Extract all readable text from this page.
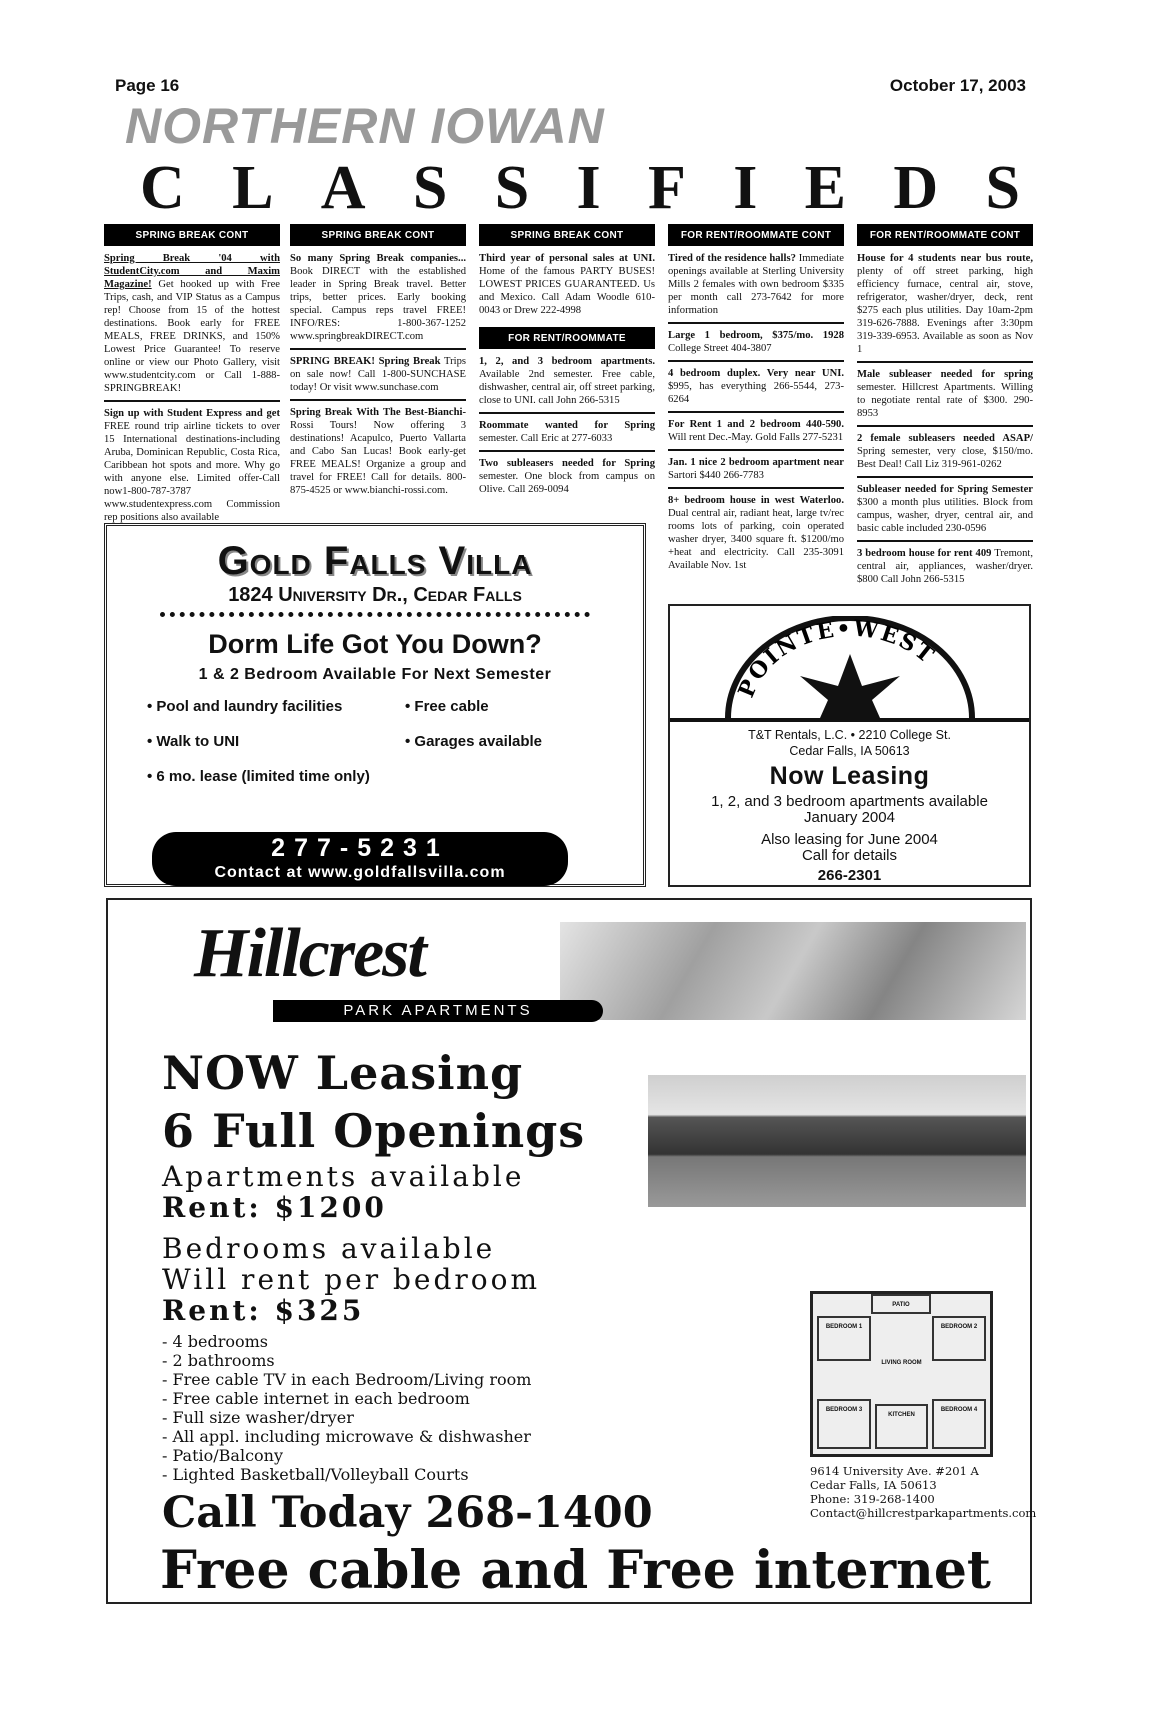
Page 16	October 17, 2003
NORTHERN IOWAN
C L A S S I F I E D S
SPRING BREAK CONT
Spring Break '04 with StudentCity.com and Maxim Magazine! Get hooked up with Free Trips, cash, and VIP Status as a Campus rep! Choose from 15 of the hottest destinations. Book early for FREE MEALS, FREE DRINKS, and 150% Lowest Price Guarantee! To reserve online or view our Photo Gallery, visit www.studentcity.com or Call 1-888-SPRINGBREAK!
Sign up with Student Express and get FREE round trip airline tickets to over 15 International destinations-including Aruba, Dominican Republic, Costa Rica, Caribbean hot spots and more. Why go with anyone else. Limited offer-Call now1-800-787-3787 www.studentexpress.com Commission rep positions also available
SPRING BREAK CONT
So many Spring Break companies... Book DIRECT with the established leader in Spring Break travel. Better trips, better prices. Early booking special. Campus reps travel FREE! INFO/RES: 1-800-367-1252 www.springbreakDIRECT.com
SPRING BREAK! Spring Break Trips on sale now! Call 1-800-SUNCHASE today! Or visit www.sunchase.com
Spring Break With The Best-Bianchi-Rossi Tours! Now offering 3 destinations! Acapulco, Puerto Vallarta and Cabo San Lucas! Book early-get FREE MEALS! Organize a group and travel for FREE! Call for details. 800-875-4525 or www.bianchi-rossi.com.
SPRING BREAK CONT
Third year of personal sales at UNI. Home of the famous PARTY BUSES! LOWEST PRICES GUARANTEED. Us and Mexico. Call Adam Woodle 610-0043 or Drew 222-4998
FOR RENT/ROOMMATE
1, 2, and 3 bedroom apartments. Available 2nd semester. Free cable, dishwasher, central air, off street parking, close to UNI. call John 266-5315
Roommate wanted for Spring semester. Call Eric at 277-6033
Two subleasers needed for Spring semester. One block from campus on Olive. Call 269-0094
FOR RENT/ROOMMATE CONT
Tired of the residence halls? Immediate openings available at Sterling University Mills 2 females with own bedroom $335 per month call 273-7642 for more information
Large 1 bedroom, $375/mo. 1928 College Street 404-3807
4 bedroom duplex. Very near UNI. $995, has everything 266-5544, 273-6264
For Rent 1 and 2 bedroom 440-590. Will rent Dec.-May. Gold Falls 277-5231
Jan. 1 nice 2 bedroom apartment near Sartori $440 266-7783
8+ bedroom house in west Waterloo. Dual central air, radiant heat, large tv/rec rooms lots of parking, coin operated washer dryer, 3400 square ft. $1200/mo +heat and electricity. Call 235-3091 Available Nov. 1st
FOR RENT/ROOMMATE CONT
House for 4 students near bus route, plenty of off street parking, high efficiency furnace, central air, stove, refrigerator, washer/dryer, deck, rent $275 each plus utilities. Day 10am-2pm 319-626-7888. Evenings after 3:30pm 319-339-6953. Available as soon as Nov 1
Male subleaser needed for spring semester. Hillcrest Apartments. Willing to negotiate rental rate of $300. 290-8953
2 female subleasers needed ASAP/ Spring semester, very close, $150/mo. Best Deal! Call Liz 319-961-0262
Subleaser needed for Spring Semester $300 a month plus utilities. Block from campus, washer, dryer, central air, and basic cable included 230-0596
3 bedroom house for rent 409 Tremont, central air, appliances, washer/dryer. $800 Call John 266-5315
Gold Falls Villa
1824 University Dr., Cedar Falls
Dorm Life Got You Down?
1 & 2 Bedroom Available For Next Semester
• Pool and laundry facilities	• Free cable
• Walk to UNI	• Garages available
• 6 mo. lease (limited time only)
277-5231
Contact at www.goldfallsvilla.com
POINTE•WEST
T&T Rentals, L.C. • 2210 College St.
Cedar Falls, IA 50613
Now Leasing
1, 2, and 3 bedroom apartments available
January 2004
Also leasing for June 2004
Call for details
266-2301
Hillcrest
PARK APARTMENTS
NOW Leasing
6 Full Openings
Apartments available
Rent: $1200
Bedrooms available
Will rent per bedroom
Rent: $325
- 4 bedrooms
- 2 bathrooms
- Free cable TV in each Bedroom/Living room
- Free cable internet in each bedroom
- Full size washer/dryer
- All appl. including microwave & dishwasher
- Patio/Balcony
- Lighted Basketball/Volleyball Courts
PATIO
BEDROOM 1	BEDROOM 2
LIVING ROOM
BEDROOM 3
KITCHEN
BEDROOM 4
9614 University Ave. #201 A
Cedar Falls, IA 50613
Phone: 319-268-1400
Contact@hillcrestparkapartments.com
Call Today 268-1400
Free cable and Free internet
